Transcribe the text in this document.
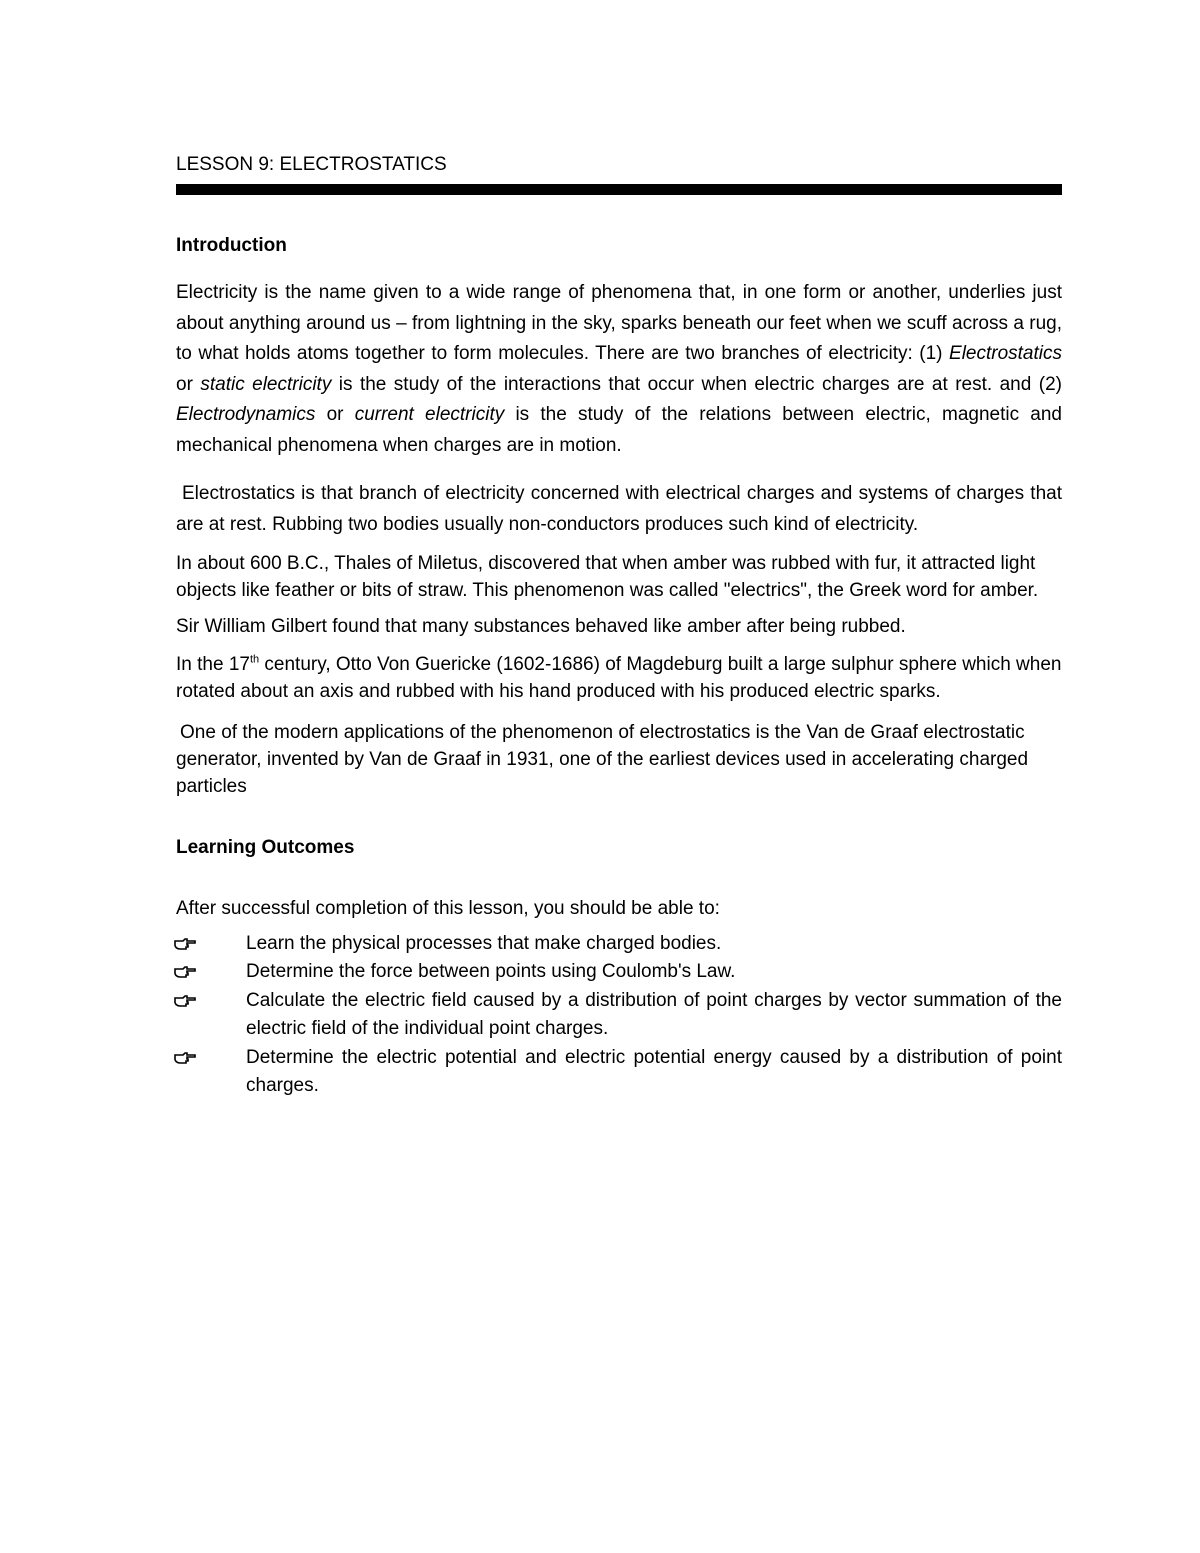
LESSON 9: ELECTROSTATICS

Introduction

Electricity is the name given to a wide range of phenomena that, in one form or another, underlies just about anything around us – from lightning in the sky, sparks beneath our feet when we scuff across a rug, to what holds atoms together to form molecules. There are two branches of electricity: (1) Electrostatics or static electricity is the study of the interactions that occur when electric charges are at rest. and (2) Electrodynamics or current electricity is the study of the relations between electric, magnetic and mechanical phenomena when charges are in motion.

Electrostatics is that branch of electricity concerned with electrical charges and systems of charges that are at rest. Rubbing two bodies usually non-conductors produces such kind of electricity.

In about 600 B.C., Thales of Miletus, discovered that when amber was rubbed with fur, it attracted light objects like feather or bits of straw. This phenomenon was called "electrics", the Greek word for amber.

Sir William Gilbert found that many substances behaved like amber after being rubbed.

In the 17th century, Otto Von Guericke (1602-1686) of Magdeburg built a large sulphur sphere which when rotated about an axis and rubbed with his hand produced with his produced electric sparks.

One of the modern applications of the phenomenon of electrostatics is the Van de Graaf electrostatic generator, invented by Van de Graaf in 1931, one of the earliest devices used in accelerating charged particles

Learning Outcomes

After successful completion of this lesson, you should be able to:

Learn the physical processes that make charged bodies.
Determine the force between points using Coulomb's Law.
Calculate the electric field caused by a distribution of point charges by vector summation of the electric field of the individual point charges.
Determine the electric potential and electric potential energy caused by a distribution of point charges.
